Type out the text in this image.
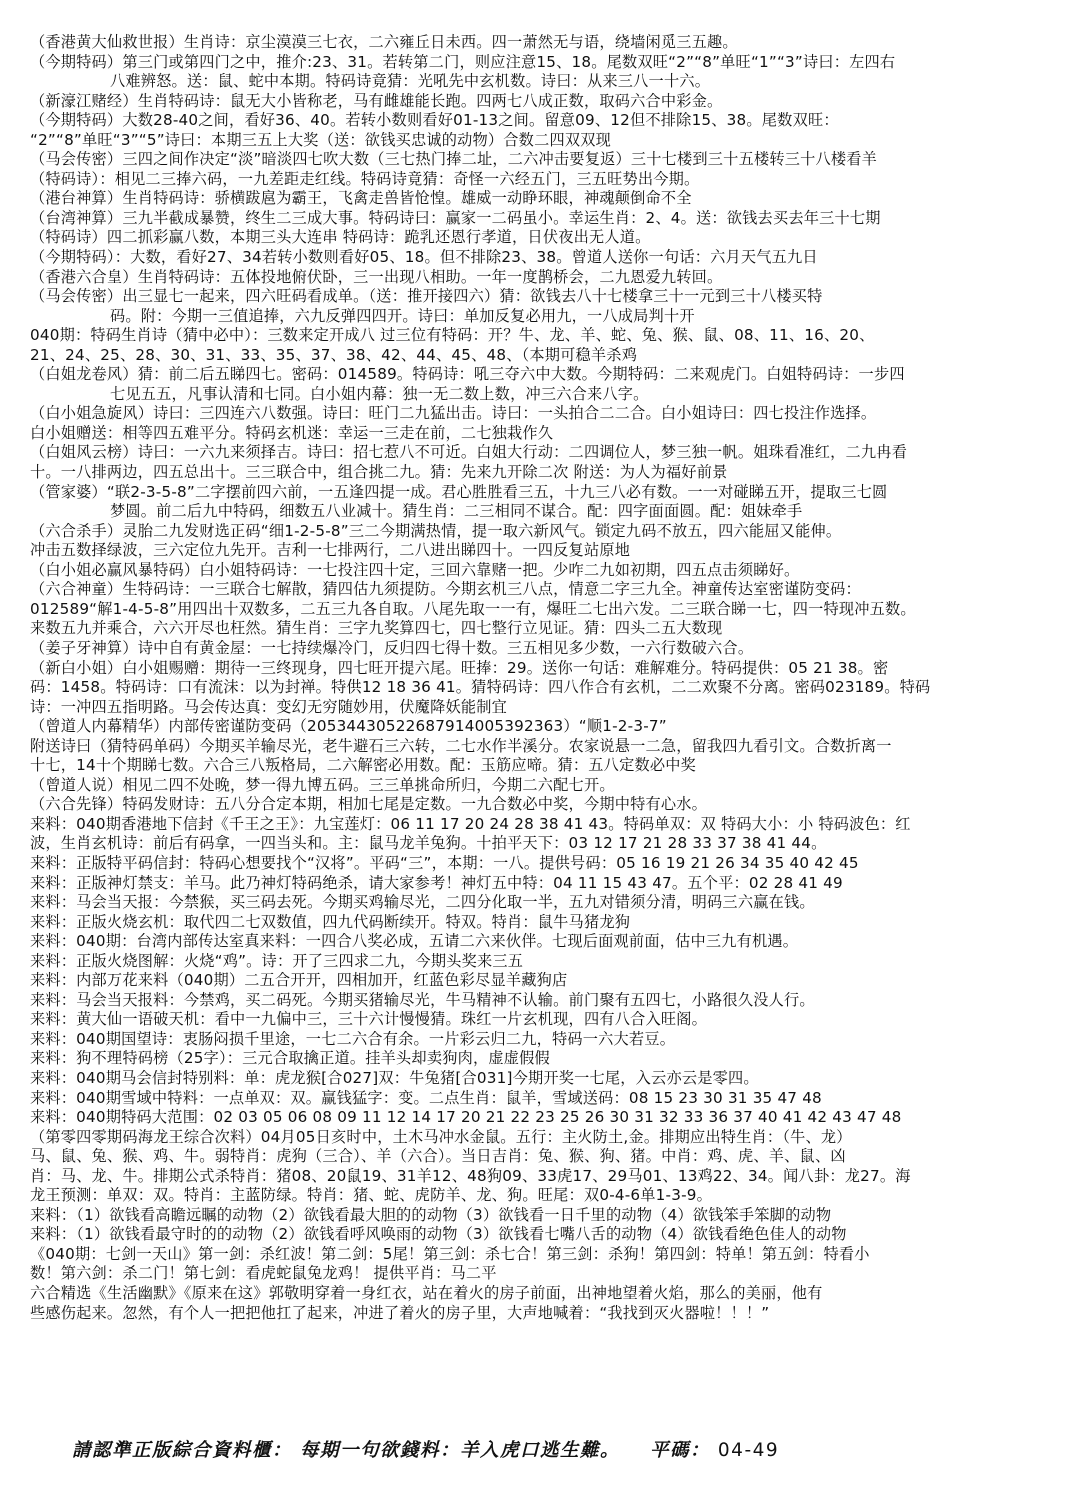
（香港黄大仙救世报）生肖诗：京尘漠漠三七衣，二六雍丘日未西。四一萧然无与语，绕墙闲觅三五趣。
（今期特码）第三门或第四门之中，推介:23、31。若转第二门，则应注意15、18。尾数双旺“2”“8”单旺“1”“3”诗曰：左四右
八难辨怒。送：鼠、蛇中本期。特码诗竟猜：光吼先中玄机数。诗曰：从来三八一十六。
（新濠江赌经）生肖特码诗：鼠无大小皆称老，马有雌雄能长跑。四两七八成正数，取码六合中彩金。
（今期特码）大数28-40之间，看好36、40。若转小数则看好01-13之间。留意09、12但不排除15、38。尾数双旺：
“2”“8”单旺“3”“5”诗曰：本期三五上大奖（送：欲钱买忠诚的动物）合数二四双双现
（马会传密）三四之间作决定“淡”暗淡四七吹大数（三七热门捧二址，二六冲击要复返）三十七楼到三十五楼转三十八楼看羊
（特码诗）：相见二三捧六码，一九差距走红线。特码诗竟猜：奇怪一六经五门，三五旺势出今期。
（港台神算）生肖特码诗：骄横跋扈为霸王，飞禽走兽皆怆惶。雄威一动睁环眼，神魂颠倒命不全
（台湾神算）三九半截成暴赞，终生二三成大事。特码诗曰：赢家一二码虽小。幸运生肖：2、4。送：欲钱去买去年三十七期
（特码诗）四二抓彩赢八数，本期三头大连串 特码诗：跪乳还恩行孝道，日伏夜出无人道。
（今期特码）：大数，看好27、34若转小数则看好05、18。但不排除23、38。曾道人送你一句话：六月天气五九日
（香港六合皇）生肖特码诗：五体投地俯伏卧，三一出现八相助。一年一度鹊桥会，二九恩爱九转回。
（马会传密）出三显七一起来，四六旺码看成单。（送：推开接四六）猜：欲钱去八十七楼拿三十一元到三十八楼买特
码。附：今期一三值追捧，六九反弹四四开。诗曰：单加反复必用九，一八成局判十开
040期：特码生肖诗（猜中必中）：三数来定开成八 过三位有特码：开？牛、龙、羊、蛇、兔、猴、鼠、08、11、16、20、
21、24、25、28、30、31、33、35、37、38、42、44、45、48、（本期可稳羊杀鸡
（白姐龙卷风）猜：前二后五睇四七。密码：014589。特码诗：吼三夺六中大数。今期特码：二来观虎门。白姐特码诗：一步四
七见五五，凡事认清和七同。白小姐内幕：独一无二数上数，冲三六合来八字。
（白小姐急旋风）诗曰：三四连六八数强。诗曰：旺门二九猛出击。诗曰：一头拍合二二合。白小姐诗曰：四七投注作选择。
白小姐赠送：相等四五难平分。特码玄机迷：幸运一三走在前，二七独栽作久
（白姐风云榜）诗曰：一六九来须择吉。诗曰：招七惹八不可近。白姐大行动：二四调位人，梦三独一帆。姐珠看准红，二九冉看
十。一八排两边，四五总出十。三三联合中，组合挑二九。猜：先来九开除二次 附送：为人为福好前景
（管家婆）“联2-3-5-8”二字摆前四六前，一五逢四提一成。君心胜胜看三五，十九三八必有数。一一对碰睇五开，提取三七圆
梦圆。前二后九中特码，细数五八业减十。猜生肖：二三相同不谋合。配：四字面面圆。配：姐妹牵手
（六合杀手）灵胎二九发财选正码“细1-2-5-8”三二今期满热情，提一取六新风气。锁定九码不放五，四六能屈又能伸。
冲击五数择绿波，三六定位九先开。吉利一七排两行，二八进出睇四十。一四反复站原地
（白小姐必赢风暴特码）白小姐特码诗：一七投注四十定，三回六靠赌一把。少咋二九如初期，四五点击须睇好。
（六合神童）生特码诗：一三联合七解散，猜四估九须提防。今期玄机三八点，情意二字三九全。神童传达室密谨防变码：
012589“解1-4-5-8”用四出十双数多，二五三九各自取。八尾先取一一有，爆旺二七出六发。二三联合睇一七，四一特现冲五数。
来数五九并乘合，六六开尽也枉然。猜生肖：三字九奖算四七，四七整行立见证。猜：四头二五大数现
（姜子牙神算）诗中自有黄金屋：一七持续爆冷门，反归四七得十数。三五相见多少数，一六行数破六合。
（新白小姐）白小姐赐赠：期待一三终现身，四七旺开提六尾。旺捧：29。送你一句话：难解难分。特码提供：05 21 38。密
码：1458。特码诗：口有流沫：以为封禅。特供12 18 36 41。猜特码诗：四八作合有玄机，二二欢聚不分离。密码023189。特码
诗：一冲四五指明路。马会传达真：变幻无穷随妙用，伏魔降妖能制宜
（曾道人内幕精华）内部传密谨防变码（20534430522687914005392363）“顺1-2-3-7”
附送诗曰（猜特码单码）今期买羊输尽光，老牛避石三六转，二七水作半溪分。农家说悬一二急，留我四九看引文。合数折离一
十七，14十个期睇七数。六合三八叛格局，二六解密必用数。配：玉筋应啼。猜：五八定数必中奖
（曾道人说）相见二四不处晚，梦一得九博五码。三三单挑命所归，今期二六配七开。
（六合先锋）特码发财诗：五八分合定本期，相加七尾是定数。一九合数必中奖，今期中特有心水。
来料：040期香港地下信封《千王之王》：九宝莲灯：06 11 17 20 24 28 38 41 43。特码单双：双 特码大小：小 特码波色：红
波，生肖玄机诗：前后有码拿，一四当头和。主：鼠马龙羊兔狗。十拍平天下：03 12 17 21 28 33 37 38 41 44。
来料：正版特平码信封：特码心想要找个“汉将”。平码“三”，本期：一八。提供号码：05 16 19 21 26 34 35 40 42 45
来料：正版神灯禁支：羊马。此乃神灯特码绝杀，请大家参考！神灯五中特：04 11 15 43 47。五个平：02 28 41 49
来料：马会当天报：今禁猴，买三码去死。今期买鸡输尽光，二四分化取一半，五九对错须分清，明码三六赢在钱。
来料：正版火烧玄机：取代四二七双数值，四九代码断续开。特双。特肖：鼠牛马猪龙狗
来料：040期：台湾内部传达室真来料：一四合八奖必成，五请二六来伙伴。七现后面观前面，估中三九有机遇。
来料：正版火烧图解：火烧“鸡”。诗：开了三四求二九，今期头奖来三五
来料：内部万花来料（040期）二五合开开，四相加开，红蓝色彩尽显羊藏狗店
来料：马会当天报料：今禁鸡，买二码死。今期买猪输尽光，牛马精神不认输。前门聚有五四七，小路很久没人行。
来料：黄大仙一语破天机：看中一九偏中三，三十六计慢慢猜。珠红一片玄机现，四有八合入旺阁。
来料：040期国望诗：衷肠闷损千里途，一七二六合有余。一片彩云归二九，特码一六大若豆。
来料：狗不理特码榜（25字）：三元合取擒正道。挂羊头却卖狗肉，虚虚假假
来料：040期马会信封特别料：单：虎龙猴[合027]双：牛兔猪[合031]今期开奖一七尾，入云亦云是零四。
来料：040期雪域中特料：一点单双：双。赢钱猛字：变。二点生肖：鼠羊，雪域送码：08 15 23 30 31 35 47 48
来料：040期特码大范围：02 03 05 06 08 09 11 12 14 17 20 21 22 23 25 26 30 31 32 33 36 37 40 41 42 43 47 48
（第零四零期码海龙王综合次料）04月05日亥时中，土木马冲水金鼠。五行：主火防土,金。排期应出特生肖：（牛、龙）
马、鼠、兔、猴、鸡、牛。弱特肖：虎狗（三合）、羊（六合）。当日吉肖：兔、猴、狗、猪。中肖：鸡、虎、羊、鼠、凶
肖：马、龙、牛。排期公式杀特肖：猪08、20鼠19、31羊12、48狗09、33虎17、29马01、13鸡22、34。闻八卦：龙27。海
龙王预测：单双：双。特肖：主蓝防绿。特肖：猪、蛇、虎防羊、龙、狗。旺尾：双0-4-6单1-3-9。
来料：（1）欲钱看高瞻远瞩的动物（2）欲钱看最大胆的的动物（3）欲钱看一日千里的动物（4）欲钱笨手笨脚的动物
来料：（1）欲钱看最守时的的动物（2）欲钱看呼风唤雨的动物（3）欲钱看七嘴八舌的动物（4）欲钱看绝色佳人的动物
《040期：七剑一天山》第一剑：杀红波！第二剑：5尾！第三剑：杀七合！第三剑：杀狗！第四剑：特单！第五剑：特看小
数！第六剑：杀二门！第七剑：看虎蛇鼠兔龙鸡！ 提供平肖：马二平
六合精选《生活幽默》《原来在这》郭敬明穿着一身红衣，站在着火的房子前面，出神地望着火焰，那么的美丽，他有
些感伤起来。忽然，有个人一把把他扛了起来，冲进了着火的房子里，大声地喊着：“我找到灭火器啦！！！”
請認準正版綜合資料櫃： 每期一句欲錢料：羊入虎口逃生難。 平碼： 04-49
